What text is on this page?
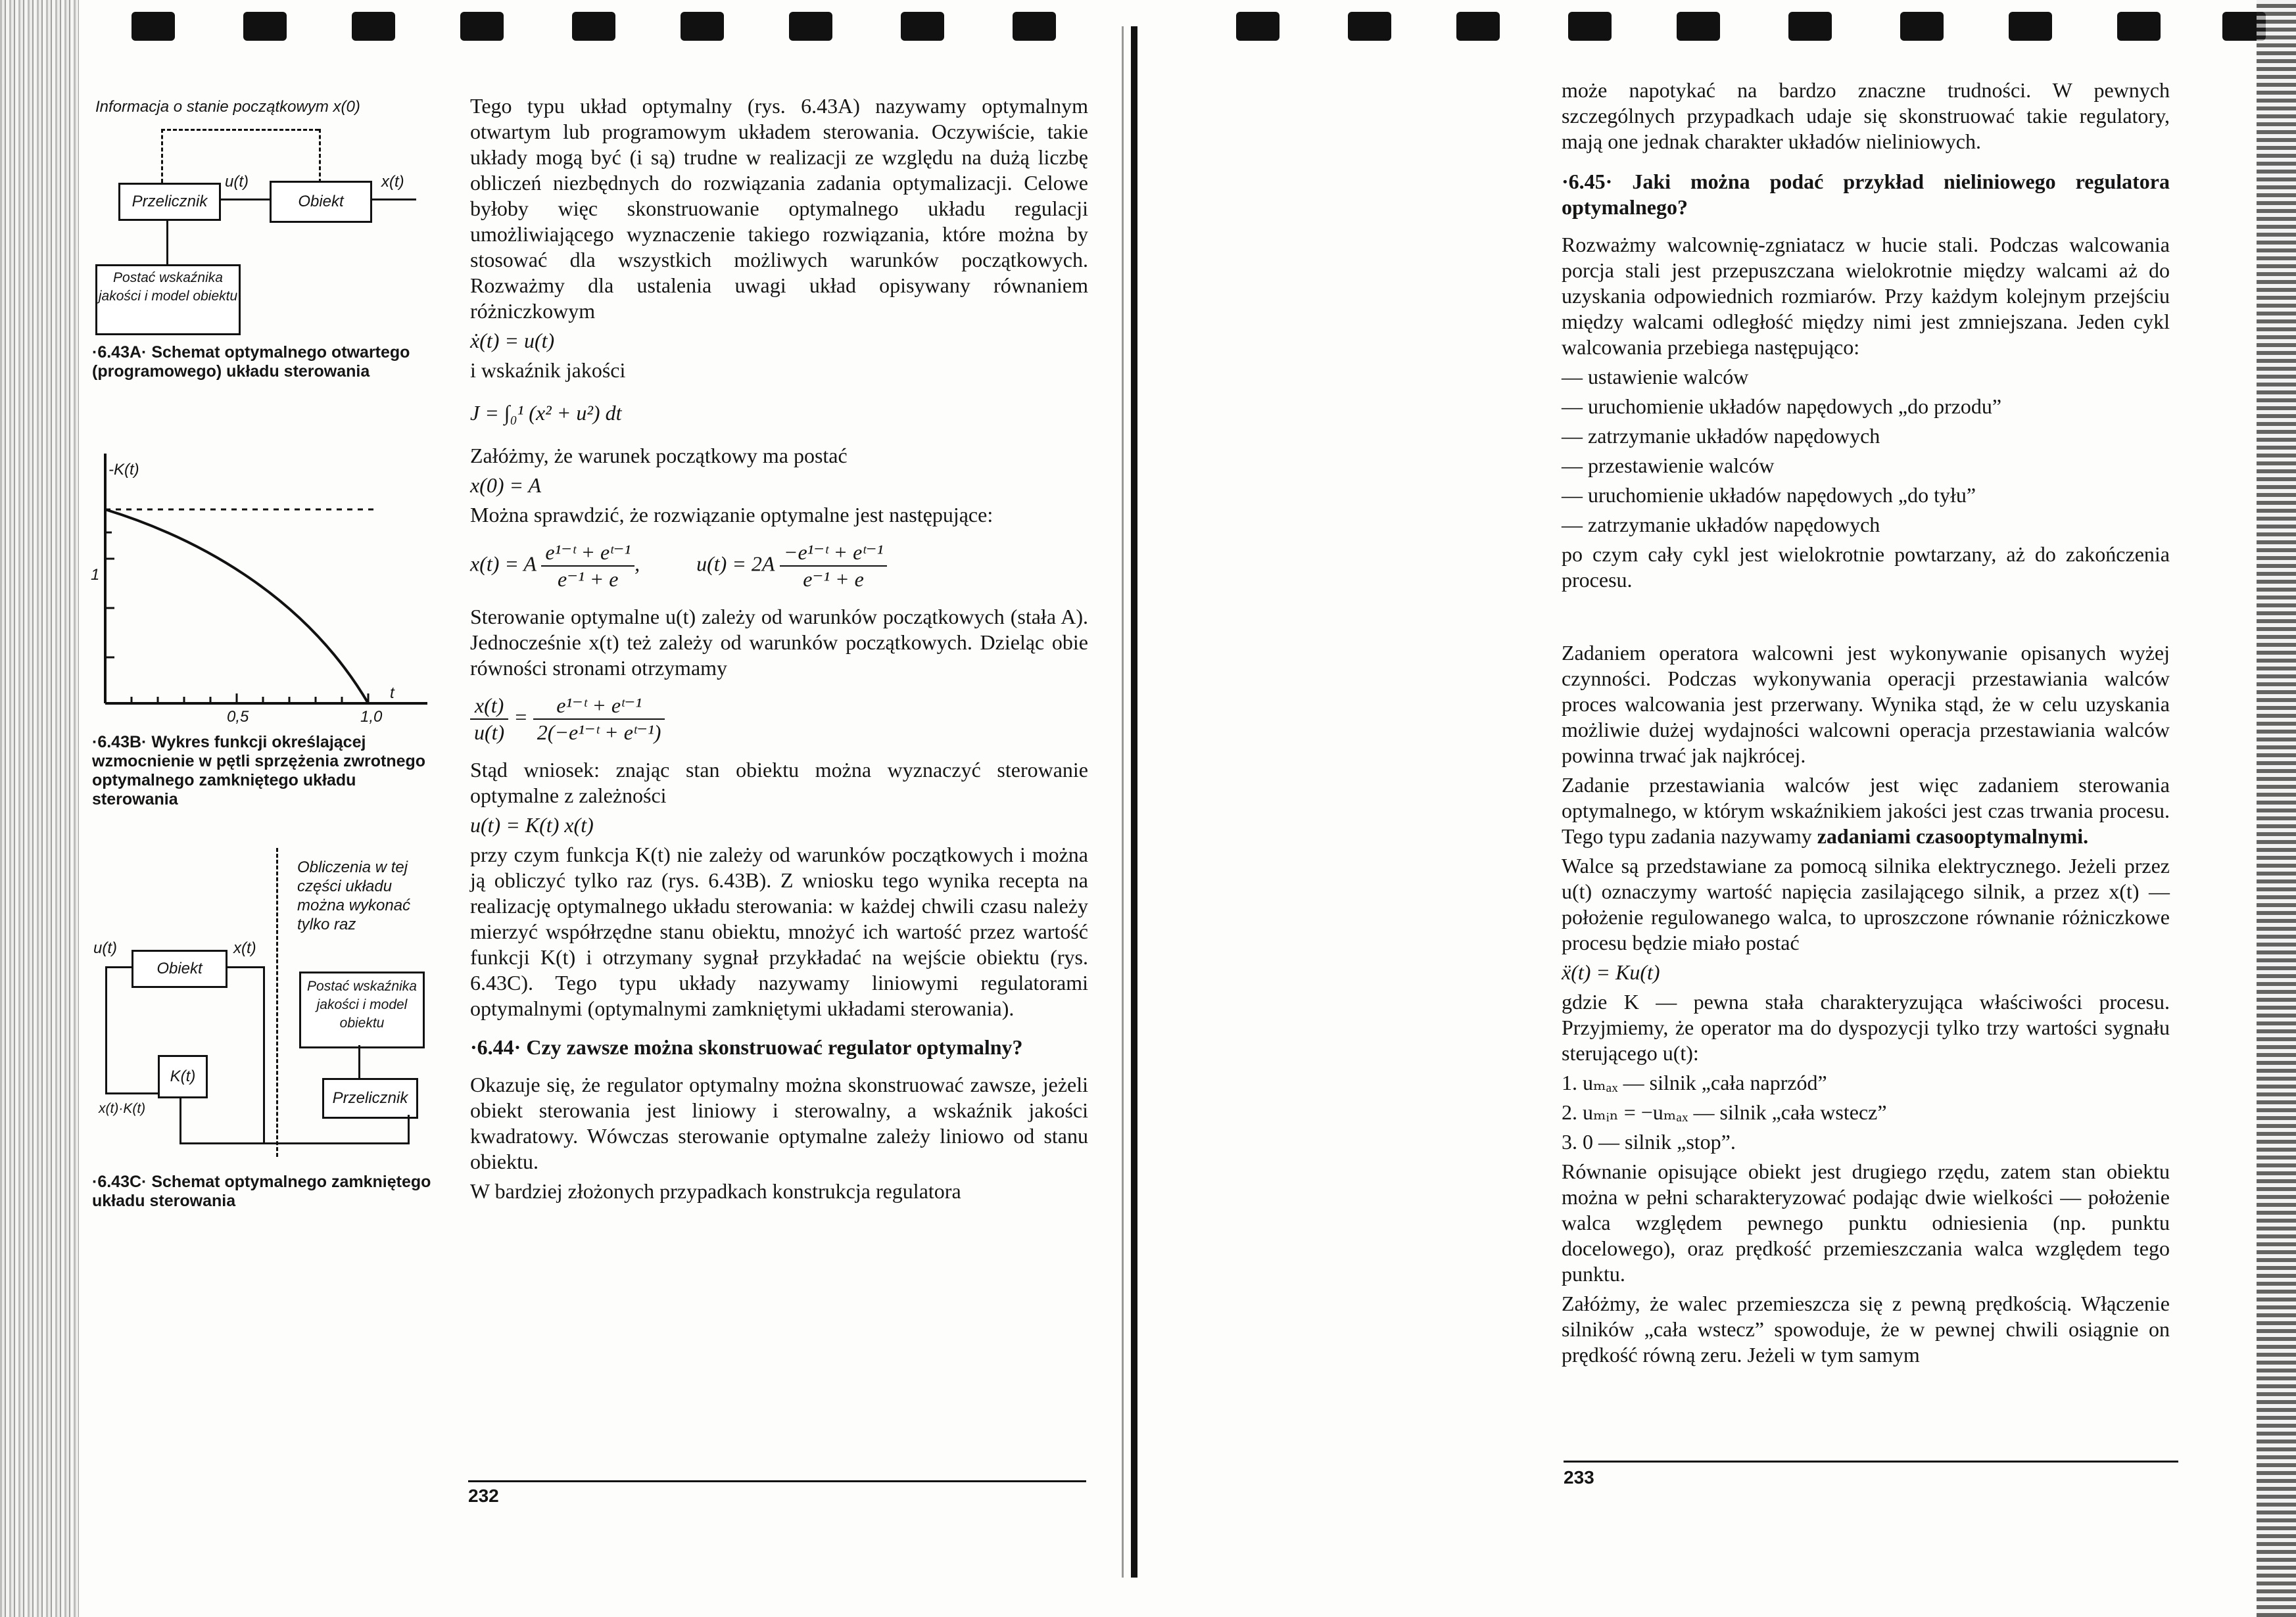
Informacja o stanie początkowym x(0)
Przelicznik
u(t)
Obiekt
x(t)
Postać wskaźnika jakości i model obiektu
·6.43A· Schemat optymalnego otwartego (programowego) układu sterowania
-K(t)
1
0,5	1,0
t
·6.43B· Wykres funkcji określającej wzmocnienie w pętli sprzężenia zwrotnego optymalnego zamkniętego układu sterowania
Obliczenia w tej części układu można wykonać tylko raz
u(t)
Obiekt
x(t)
K(t)
x(t)·K(t)
Postać wskaźnika jakości i model obiektu
Przelicznik
·6.43C· Schemat optymalnego zamkniętego układu sterowania

Tego typu układ optymalny (rys. 6.43A) nazywamy optymalnym otwartym lub programowym układem sterowania. Oczywiście, takie układy mogą być (i są) trudne w realizacji ze względu na dużą liczbę obliczeń niezbędnych do rozwiązania zadania optymalizacji. Celowe byłoby więc skonstruowanie optymalnego układu regulacji umożliwiającego wyznaczenie takiego rozwiązania, które można by stosować dla wszystkich możliwych warunków początkowych. Rozważmy dla ustalenia uwagi układ opisywany równaniem różniczkowym

ẋ(t) = u(t)

i wskaźnik jakości

J = ∫₀¹ (x² + u²) dt

Załóżmy, że warunek początkowy ma postać

x(0) = A

Można sprawdzić, że rozwiązanie optymalne jest następujące:

x(t) = A $\frac{\text{e¹⁻ᵗ + eᵗ⁻¹}}{\text{e⁻¹ + e}}$ ,  $u(t) = 2A \frac{\text{−e¹⁻ᵗ + eᵗ⁻¹}}{\text{e⁻¹ + e}}$

Sterowanie optymalne u(t) zależy od warunków początkowych (stała A). Jednocześnie x(t) też zależy od warunków początkowych. Dzieląc obie równości stronami otrzymamy

$\frac{x(t)}{u(t)} = \frac{\text{e¹⁻ᵗ + eᵗ⁻¹}}{\text{2(−e¹⁻ᵗ + eᵗ⁻¹)}}$

Stąd wniosek: znając stan obiektu można wyznaczyć sterowanie optymalne z zależności

u(t) = K(t) x(t)

przy czym funkcja K(t) nie zależy od warunków początkowych i można ją obliczyć tylko raz (rys. 6.43B). Z wniosku tego wynika recepta na realizację optymalnego układu sterowania: w każdej chwili czasu należy mierzyć współrzędne stanu obiektu, mnożyć ich wartość przez wartość funkcji K(t) i otrzymany sygnał przykładać na wejście obiektu (rys. 6.43C). Tego typu układy nazywamy liniowymi regulatorami optymalnymi (optymalnymi zamkniętymi układami sterowania).

·6.44· Czy zawsze można skonstruować regulator optymalny?

Okazuje się, że regulator optymalny można skonstruować zawsze, jeżeli obiekt sterowania jest liniowy i sterowalny, a wskaźnik jakości kwadratowy. Wówczas sterowanie optymalne zależy liniowo od stanu obiektu.

W bardziej złożonych przypadkach konstrukcja regulatora

232

może napotykać na bardzo znaczne trudności. W pewnych szczególnych przypadkach udaje się skonstruować takie regulatory, mają one jednak charakter układów nieliniowych.

·6.45· Jaki można podać przykład nieliniowego regulatora optymalnego?

Rozważmy walcownię-zgniatacz w hucie stali. Podczas walcowania porcja stali jest przepuszczana wielokrotnie między walcami aż do uzyskania odpowiednich rozmiarów. Przy każdym kolejnym przejściu między walcami odległość między nimi jest zmniejszana. Jeden cykl walcowania przebiega następująco:

— ustawienie walców

— uruchomienie układów napędowych „do przodu”

— zatrzymanie układów napędowych

— przestawienie walców

— uruchomienie układów napędowych „do tyłu”

— zatrzymanie układów napędowych

po czym cały cykl jest wielokrotnie powtarzany, aż do zakończenia procesu.

Zadaniem operatora walcowni jest wykonywanie opisanych wyżej czynności. Podczas wykonywania operacji przestawiania walców proces walcowania jest przerwany. Wynika stąd, że w celu uzyskania możliwie dużej wydajności walcowni operacja przestawiania walców powinna trwać jak najkrócej.

Zadanie przestawiania walców jest więc zadaniem sterowania optymalnego, w którym wskaźnikiem jakości jest czas trwania procesu. Tego typu zadania nazywamy zadaniami czasooptymalnymi.

Walce są przedstawiane za pomocą silnika elektrycznego. Jeżeli przez u(t) oznaczymy wartość napięcia zasilającego silnik, a przez x(t) — położenie regulowanego walca, to uproszczone równanie różniczkowe procesu będzie miało postać

ẍ(t) = Ku(t)

gdzie K — pewna stała charakteryzująca właściwości procesu. Przyjmiemy, że operator ma do dyspozycji tylko trzy wartości sygnału sterującego u(t):

1. uₘₐₓ — silnik „cała naprzód”

2. uₘᵢₙ = −uₘₐₓ — silnik „cała wstecz”

3. 0 — silnik „stop”.

Równanie opisujące obiekt jest drugiego rzędu, zatem stan obiektu można w pełni scharakteryzować podając dwie wielkości — położenie walca względem pewnego punktu odniesienia (np. punktu docelowego), oraz prędkość przemieszczania walca względem tego punktu.

Załóżmy, że walec przemieszcza się z pewną prędkością. Włączenie silników „cała wstecz” spowoduje, że w pewnej chwili osiągnie on prędkość równą zeru. Jeżeli w tym samym

233
